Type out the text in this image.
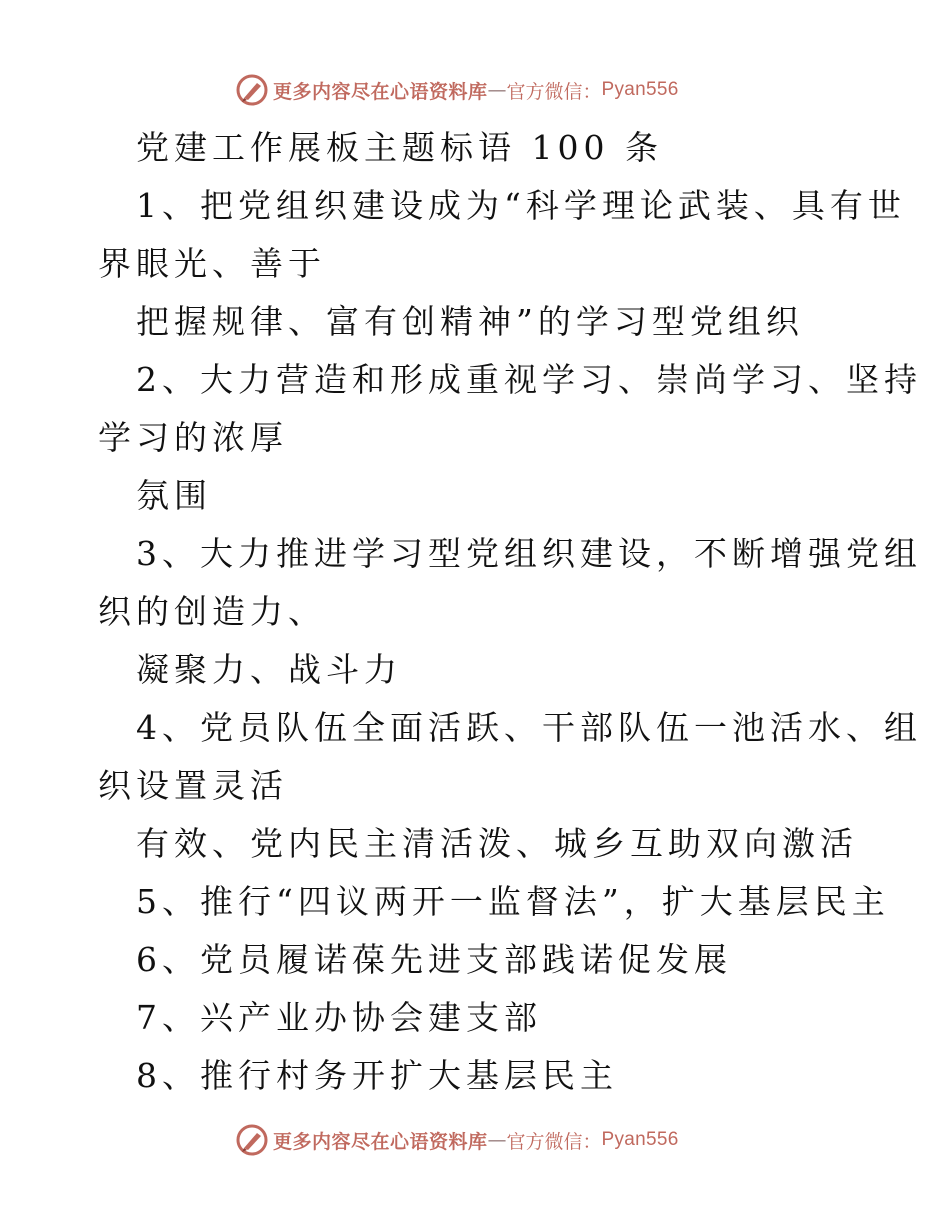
更多内容尽在心语资料库 — 官方微信： Pyan556
党建工作展板主题标语 100 条
1、把党组织建设成为“科学理论武装、具有世
界眼光、善于
把握规律、富有创精神”的学习型党组织
2、大力营造和形成重视学习、崇尚学习、坚持
学习的浓厚
氛围
3、大力推进学习型党组织建设，不断增强党组
织的创造力、
凝聚力、战斗力
4、党员队伍全面活跃、干部队伍一池活水、组
织设置灵活
有效、党内民主清活泼、城乡互助双向激活
5、推行“四议两开一监督法”，扩大基层民主
6、党员履诺葆先进支部践诺促发展
7、兴产业办协会建支部
8、推行村务开扩大基层民主
更多内容尽在心语资料库 — 官方微信： Pyan556
